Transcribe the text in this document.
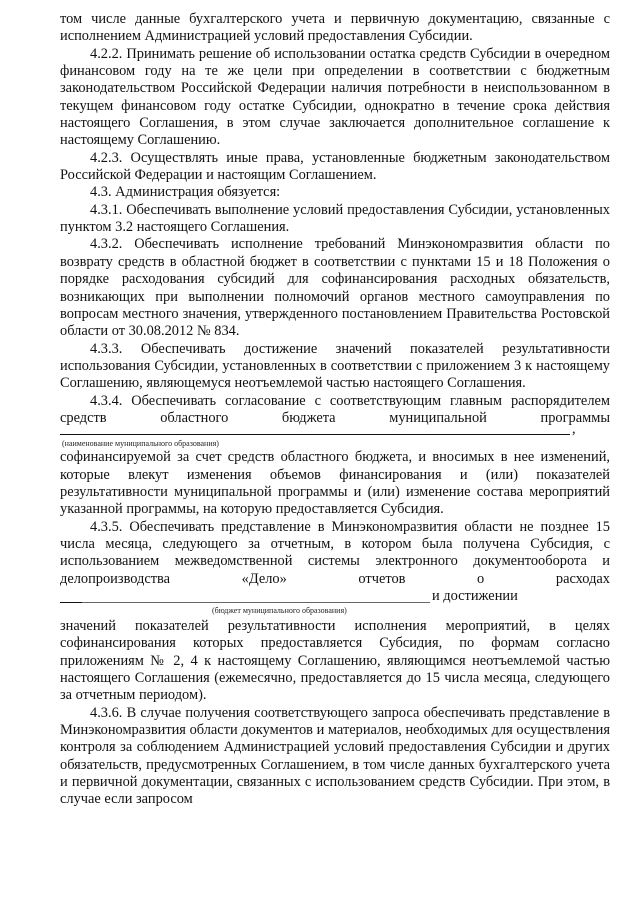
том числе данные бухгалтерского учета и первичную документацию, связанные с исполнением Администрацией условий предоставления Субсидии.

4.2.2. Принимать решение об использовании остатка средств Субсидии в очередном финансовом году на те же цели при определении в соответствии с бюджетным законодательством Российской Федерации наличия потребности в неиспользованном в текущем финансовом году остатке Субсидии, однократно в течение срока действия настоящего Соглашения, в этом случае заключается дополнительное соглашение к настоящему Соглашению.

4.2.3. Осуществлять иные права, установленные бюджетным законодательством Российской Федерации и настоящим Соглашением.

4.3. Администрация обязуется:

4.3.1. Обеспечивать выполнение условий предоставления Субсидии, установленных пунктом 3.2 настоящего Соглашения.

4.3.2. Обеспечивать исполнение требований Минэкономразвития области по возврату средств в областной бюджет в соответствии с пунктами 15 и 18 Положения о порядке расходования субсидий для софинансирования расходных обязательств, возникающих при выполнении полномочий органов местного самоуправления по вопросам местного значения, утвержденного постановлением Правительства Ростовской области от 30.08.2012 № 834.

4.3.3. Обеспечивать достижение значений показателей результативности использования Субсидии, установленных в соответствии с приложением 3 к настоящему Соглашению, являющемуся неотъемлемой частью настоящего Соглашения.

4.3.4. Обеспечивать согласование с соответствующим главным распорядителем средств областного бюджета муниципальной программы

,
(наименование муниципального образования)

софинансируемой за счет средств областного бюджета, и вносимых в нее изменений, которые влекут изменения объемов финансирования и (или) показателей результативности муниципальной программы и (или) изменение состава мероприятий указанной программы, на которую предоставляется Субсидия.

4.3.5. Обеспечивать представление в Минэкономразвития области не позднее 15 числа месяца, следующего за отчетным, в котором была получена Субсидия, с использованием межведомственной системы электронного документооборота и делопроизводства «Дело» отчетов о расходах

и достижении
(бюджет муниципального образования)

значений показателей результативности исполнения мероприятий, в целях софинансирования которых предоставляется Субсидия, по формам согласно приложениям № 2, 4 к настоящему Соглашению, являющимся неотъемлемой частью настоящего Соглашения (ежемесячно, предоставляется до 15 числа месяца, следующего за отчетным периодом).

4.3.6. В случае получения соответствующего запроса обеспечивать представление в Минэкономразвития области документов и материалов, необходимых для осуществления контроля за соблюдением Администрацией условий предоставления Субсидии и других обязательств, предусмотренных Соглашением, в том числе данных бухгалтерского учета и первичной документации, связанных с использованием средств Субсидии. При этом, в случае если запросом
